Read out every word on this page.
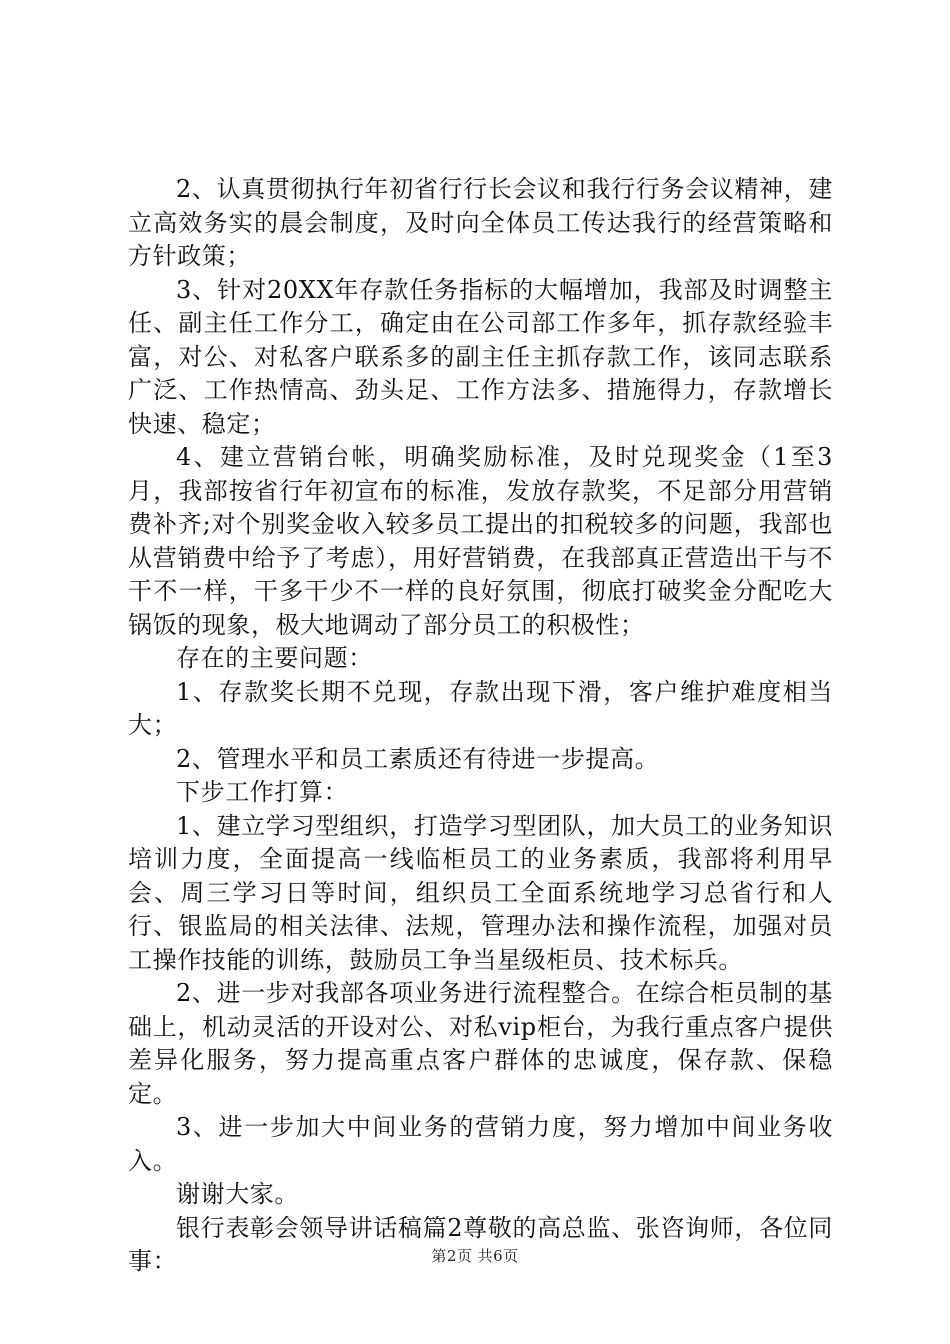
2、认真贯彻执行年初省行行长会议和我行行务会议精神，建立高效务实的晨会制度，及时向全体员工传达我行的经营策略和方针政策；

3、针对20XX年存款任务指标的大幅增加，我部及时调整主任、副主任工作分工，确定由在公司部工作多年，抓存款经验丰富，对公、对私客户联系多的副主任主抓存款工作，该同志联系广泛、工作热情高、劲头足、工作方法多、措施得力，存款增长快速、稳定；

4、建立营销台帐，明确奖励标准，及时兑现奖金（1至3月，我部按省行年初宣布的标准，发放存款奖，不足部分用营销费补齐;对个别奖金收入较多员工提出的扣税较多的问题，我部也从营销费中给予了考虑），用好营销费，在我部真正营造出干与不干不一样，干多干少不一样的良好氛围，彻底打破奖金分配吃大锅饭的现象，极大地调动了部分员工的积极性；

存在的主要问题：

1、存款奖长期不兑现，存款出现下滑，客户维护难度相当大；

2、管理水平和员工素质还有待进一步提高。

下步工作打算：

1、建立学习型组织，打造学习型团队，加大员工的业务知识培训力度，全面提高一线临柜员工的业务素质，我部将利用早会、周三学习日等时间，组织员工全面系统地学习总省行和人行、银监局的相关法律、法规，管理办法和操作流程，加强对员工操作技能的训练，鼓励员工争当星级柜员、技术标兵。

2、进一步对我部各项业务进行流程整合。在综合柜员制的基础上，机动灵活的开设对公、对私vip柜台，为我行重点客户提供差异化服务，努力提高重点客户群体的忠诚度，保存款、保稳定。

3、进一步加大中间业务的营销力度，努力增加中间业务收入。

谢谢大家。

银行表彰会领导讲话稿篇2尊敬的高总监、张咨询师，各位同事：	第2页 共6页
